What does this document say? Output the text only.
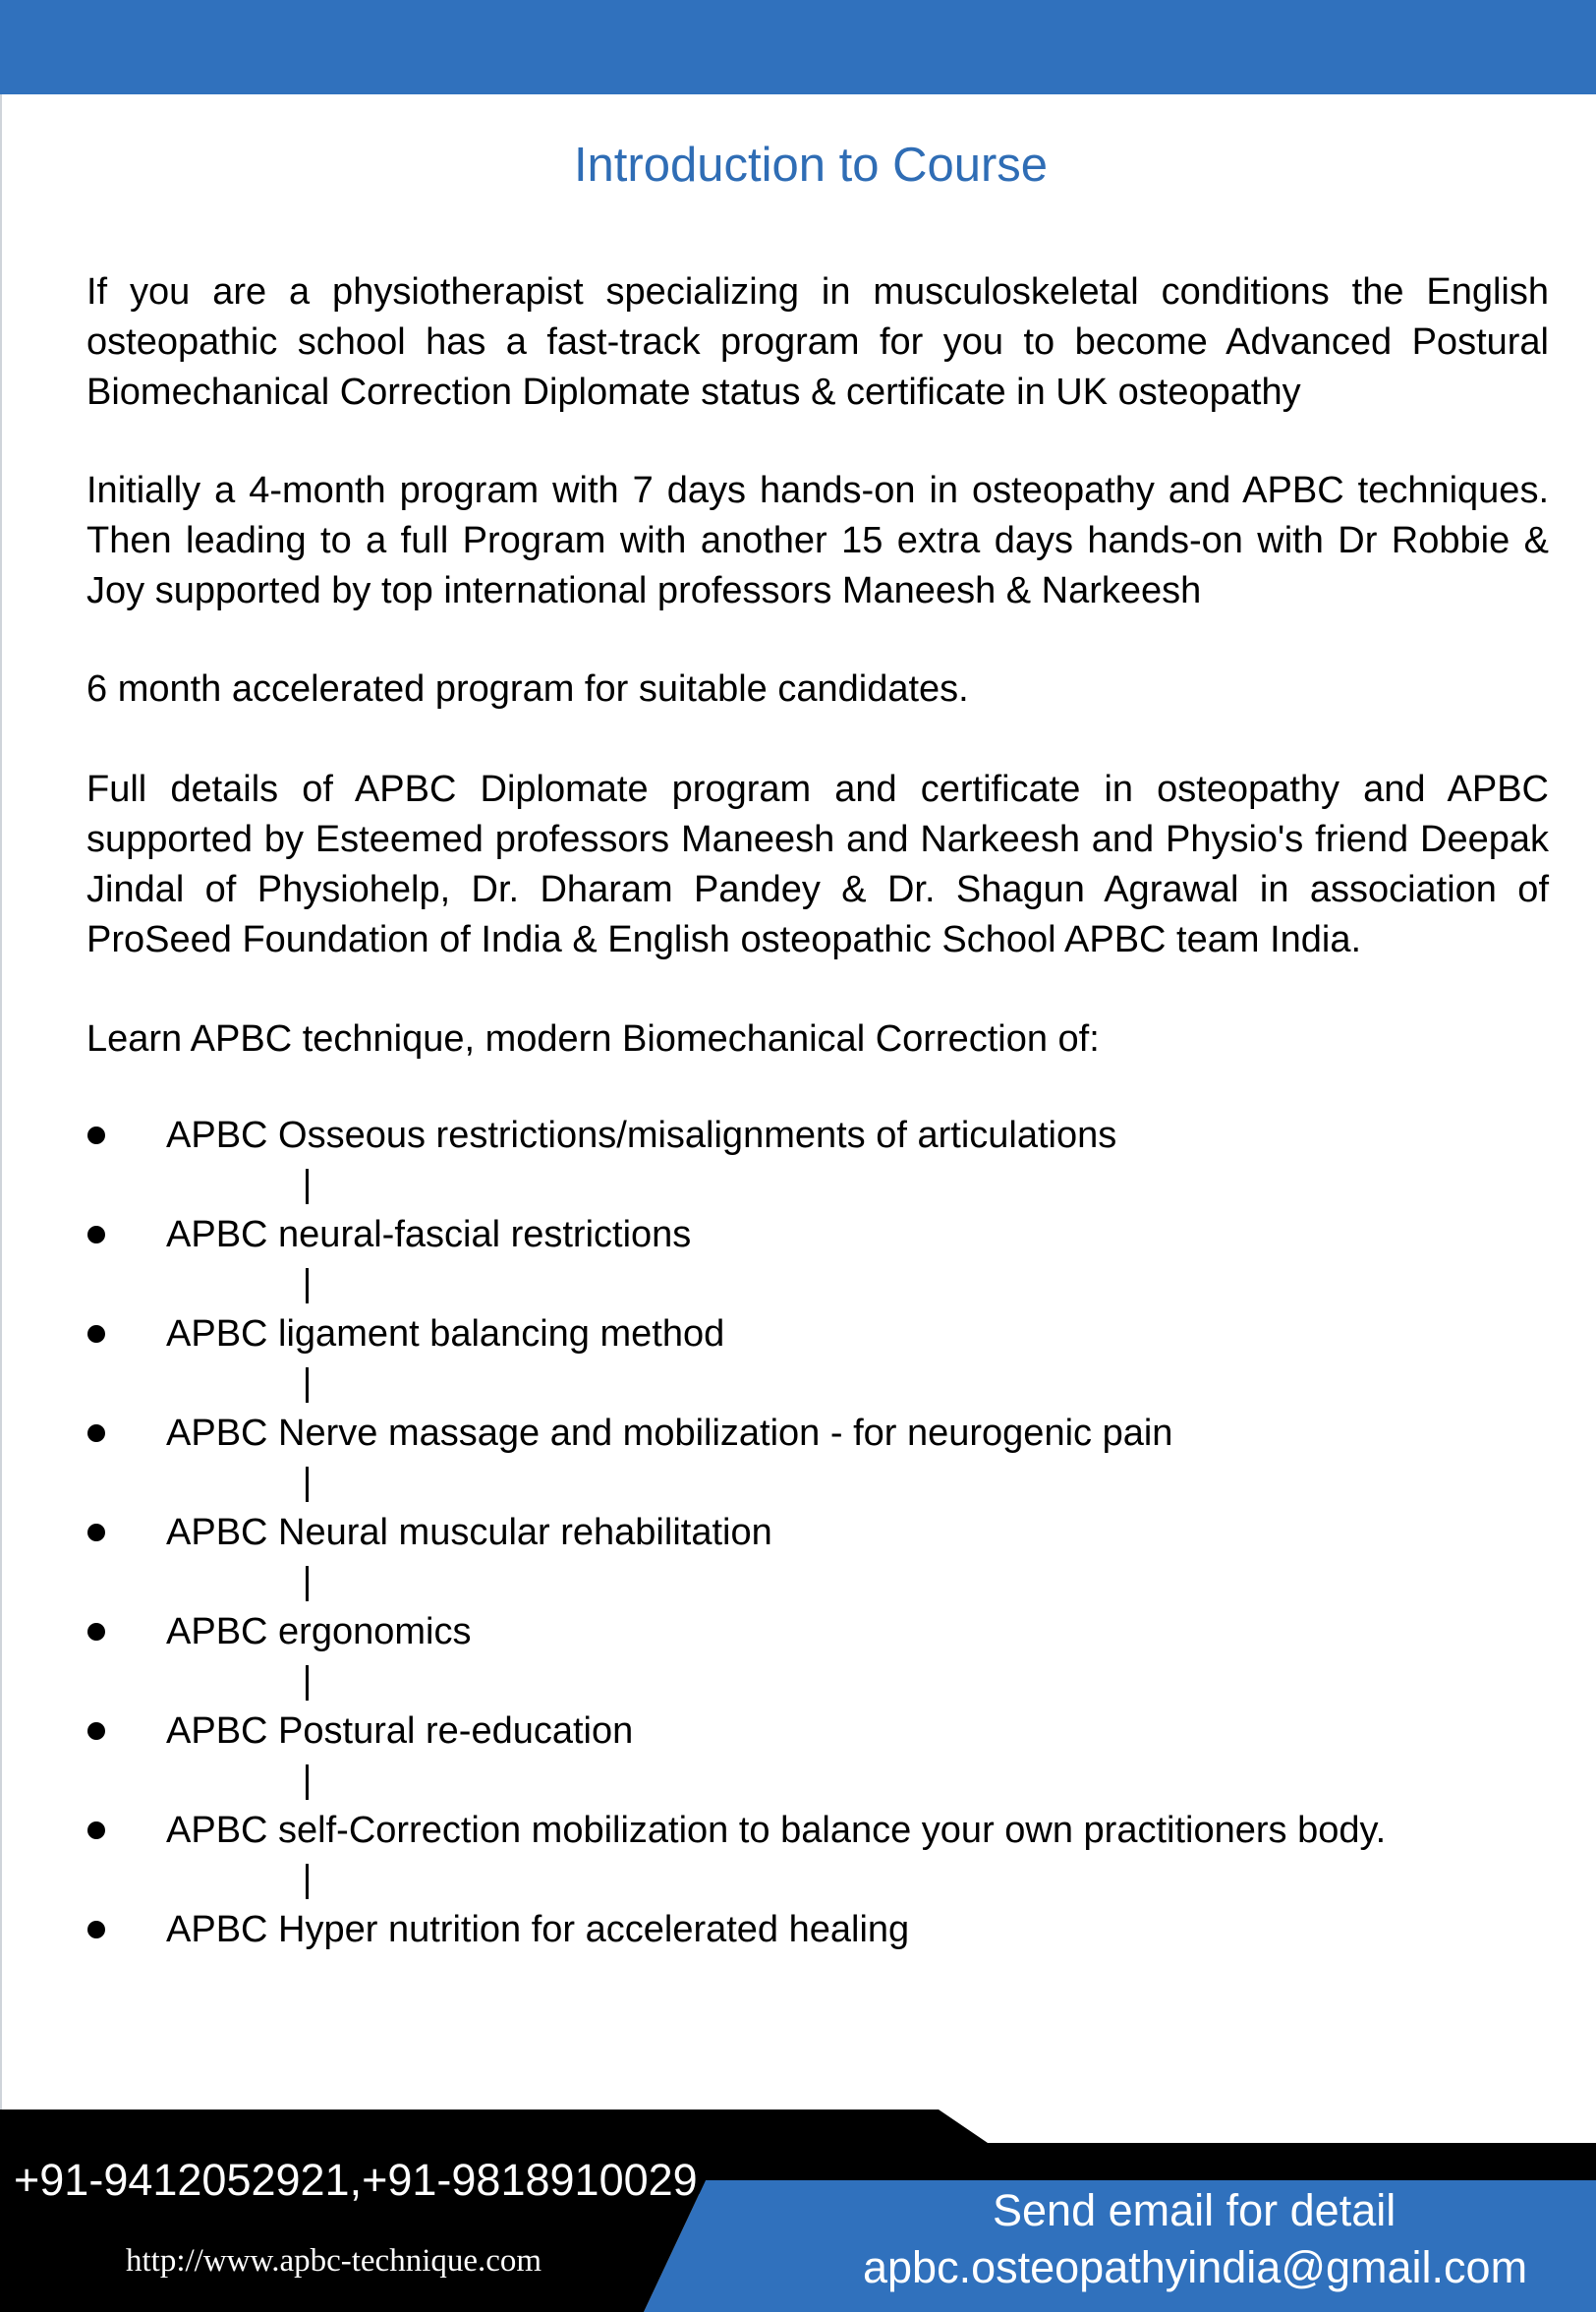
Introduction to Course

If you are a physiotherapist specializing in musculoskeletal conditions the English osteopathic school has a fast-track program for you to become Advanced Postural Biomechanical Correction Diplomate status & certificate in UK osteopathy

Initially a 4-month program with 7 days hands-on in osteopathy and APBC techniques. Then leading to a full Program with another 15 extra days hands-on with Dr Robbie & Joy supported by top international professors Maneesh & Narkeesh

6 month accelerated program for suitable candidates.

Full details of APBC Diplomate program and certificate in osteopathy and APBC supported by Esteemed professors Maneesh and Narkeesh and Physio's friend Deepak Jindal of Physiohelp, Dr. Dharam Pandey & Dr. Shagun Agrawal in association of ProSeed Foundation of India & English osteopathic School APBC team India.

Learn APBC technique, modern Biomechanical Correction of:

APBC Osseous restrictions/misalignments of articulations
APBC neural-fascial restrictions
APBC ligament balancing method
APBC Nerve massage and mobilization - for neurogenic pain
APBC Neural muscular rehabilitation
APBC ergonomics
APBC Postural re-education
APBC self-Correction mobilization to balance your own practitioners body.
APBC Hyper nutrition for accelerated healing
+91-9412052921,+91-9818910029
http://www.apbc-technique.com
Send email for detail
apbc.osteopathyindia@gmail.com
